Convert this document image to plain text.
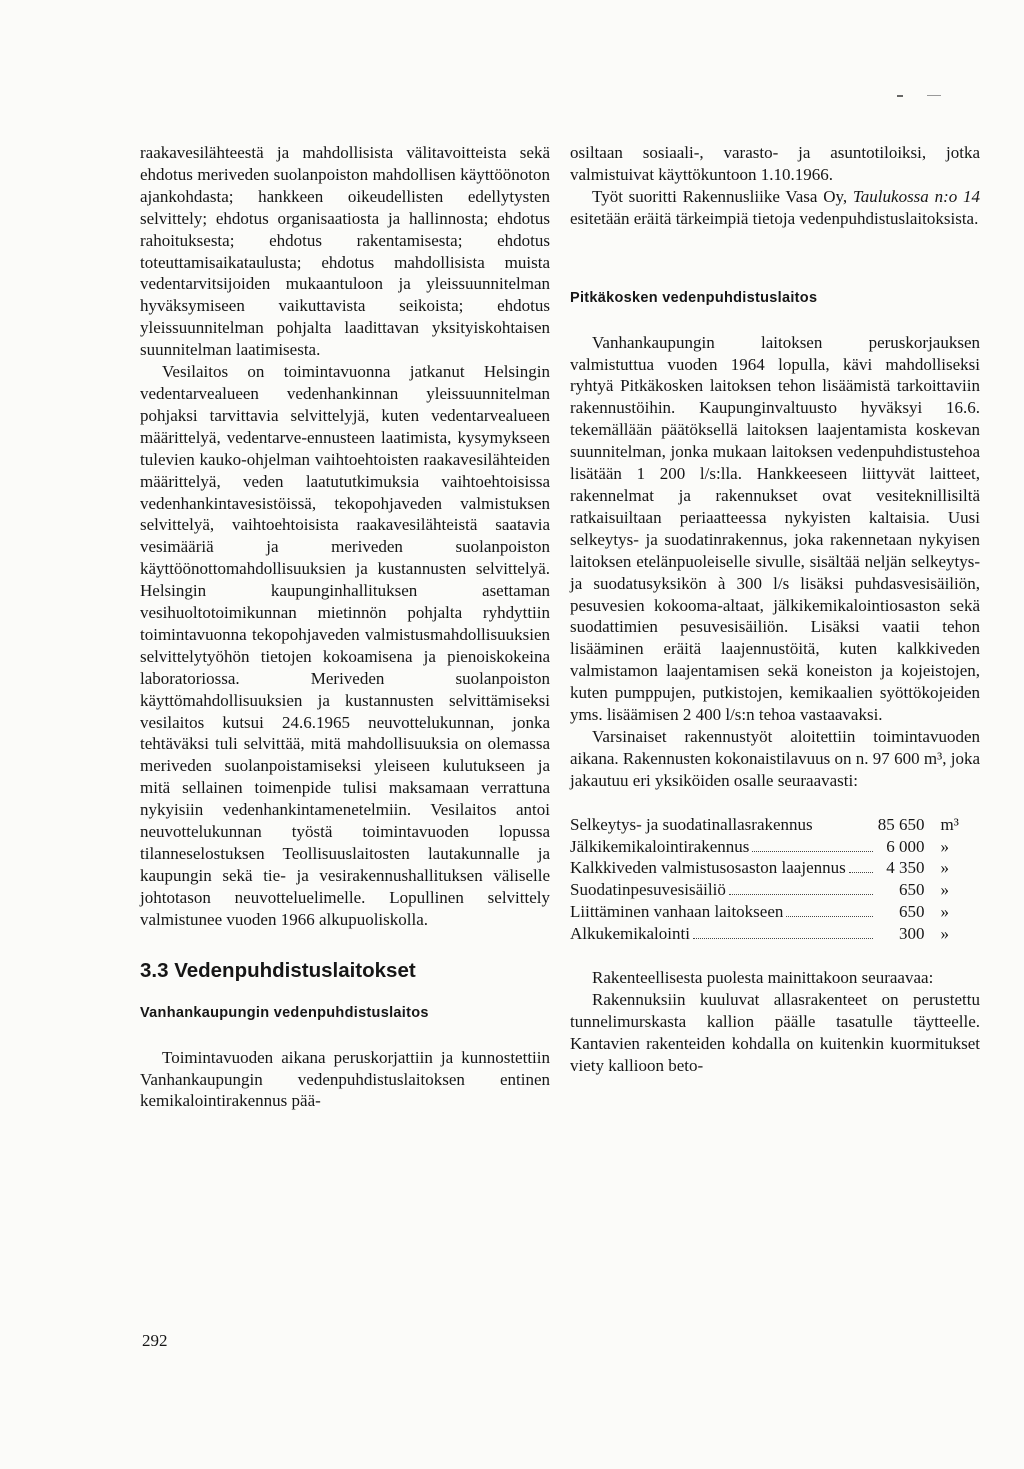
raakavesilähteestä ja mahdollisista välitavoitteista sekä ehdotus meriveden suolanpoiston mahdollisen käyttöönoton ajankohdasta; hankkeen oikeudellisten edellytysten selvittely; ehdotus organisaatiosta ja hallinnosta; ehdotus rahoituksesta; ehdotus rakentamisesta; ehdotus toteuttamisaikataulusta; ehdotus mahdollisista muista vedentarvitsijoiden mukaantuloon ja yleissuunnitelman hyväksymiseen vaikuttavista seikoista; ehdotus yleissuunnitelman pohjalta laadittavan yksityiskohtaisen suunnitelman laatimisesta.

Vesilaitos on toimintavuonna jatkanut Helsingin vedentarvealueen vedenhankinnan yleissuunnitelman pohjaksi tarvittavia selvittelyjä, kuten vedentarvealueen määrittelyä, vedentarve-ennusteen laatimista, kysymykseen tulevien kauko-ohjelman vaihtoehtoisten raakavesilähteiden määrittelyä, veden laatututkimuksia vaihtoehtoisissa vedenhankintavesistöissä, tekopohjaveden valmistuksen selvittelyä, vaihtoehtoisista raakavesilähteistä saatavia vesimääriä ja meriveden suolanpoiston käyttöönottomahdollisuuksien ja kustannusten selvittelyä. Helsingin kaupunginhallituksen asettaman vesihuoltotoimikunnan mietinnön pohjalta ryhdyttiin toimintavuonna tekopohjaveden valmistusmahdollisuuksien selvittelytyöhön tietojen kokoamisena ja pienoiskokeina laboratoriossa. Meriveden suolanpoiston käyttömahdollisuuksien ja kustannusten selvittämiseksi vesilaitos kutsui 24.6.1965 neuvottelukunnan, jonka tehtäväksi tuli selvittää, mitä mahdollisuuksia on olemassa meriveden suolanpoistamiseksi yleiseen kulutukseen ja mitä sellainen toimenpide tulisi maksamaan verrattuna nykyisiin vedenhankintamenetelmiin. Vesilaitos antoi neuvottelukunnan työstä toimintavuoden lopussa tilanneselostuksen Teollisuuslaitosten lautakunnalle ja kaupungin sekä tie- ja vesirakennushallituksen väliselle johtotason neuvotteluelimelle. Lopullinen selvittely valmistunee vuoden 1966 alkupuoliskolla.

3.3 Vedenpuhdistuslaitokset
Vanhankaupungin vedenpuhdistuslaitos

Toimintavuoden aikana peruskorjattiin ja kunnostettiin Vanhankaupungin vedenpuhdistuslaitoksen entinen kemikalointirakennus pää-

osiltaan sosiaali-, varasto- ja asuntotiloiksi, jotka valmistuivat käyttökuntoon 1.10.1966.

Työt suoritti Rakennusliike Vasa Oy, Taulukossa n:o 14 esitetään eräitä tärkeimpiä tietoja vedenpuhdistuslaitoksista.

Pitkäkosken vedenpuhdistuslaitos

Vanhankaupungin laitoksen peruskorjauksen valmistuttua vuoden 1964 lopulla, kävi mahdolliseksi ryhtyä Pitkäkosken laitoksen tehon lisäämistä tarkoittaviin rakennustöihin. Kaupunginvaltuusto hyväksyi 16.6. tekemällään päätöksellä laitoksen laajentamista koskevan suunnitelman, jonka mukaan laitoksen vedenpuhdistustehoa lisätään 1 200 l/s:lla. Hankkeeseen liittyvät laitteet, rakennelmat ja rakennukset ovat vesiteknillisiltä ratkaisuiltaan periaatteessa nykyisten kaltaisia. Uusi selkeytys- ja suodatinrakennus, joka rakennetaan nykyisen laitoksen etelänpuoleiselle sivulle, sisältää neljän selkeytys- ja suodatusyksikön à 300 l/s lisäksi puhdasvesisäiliön, pesuvesien kokooma-altaat, jälkikemikalointiosaston sekä suodattimien pesuvesisäiliön. Lisäksi vaatii tehon lisääminen eräitä laajennustöitä, kuten kalkkiveden valmistamon laajentamisen sekä koneiston ja kojeistojen, kuten pumppujen, putkistojen, kemikaalien syöttökojeiden yms. lisäämisen 2 400 l/s:n tehoa vastaavaksi.

Varsinaiset rakennustyöt aloitettiin toimintavuoden aikana. Rakennusten kokonaistilavuus on n. 97 600 m³, joka jakautuu eri yksiköiden osalle seuraavasti:

Selkeytys- ja suodatinallasrakennus	85 650	m³

Jälkikemikalointirakennus	6 000	»

Kalkkiveden valmistusosaston laajennus	4 350	»

Suodatinpesuvesisäiliö	650	»

Liittäminen vanhaan laitokseen	650	»

Alkukemikalointi	300	»

Rakenteellisesta puolesta mainittakoon seuraavaa:

Rakennuksiin kuuluvat allasrakenteet on perustettu tunnelimurskasta kallion päälle tasatulle täytteelle. Kantavien rakenteiden kohdalla on kuitenkin kuormitukset viety kallioon beto-

292
